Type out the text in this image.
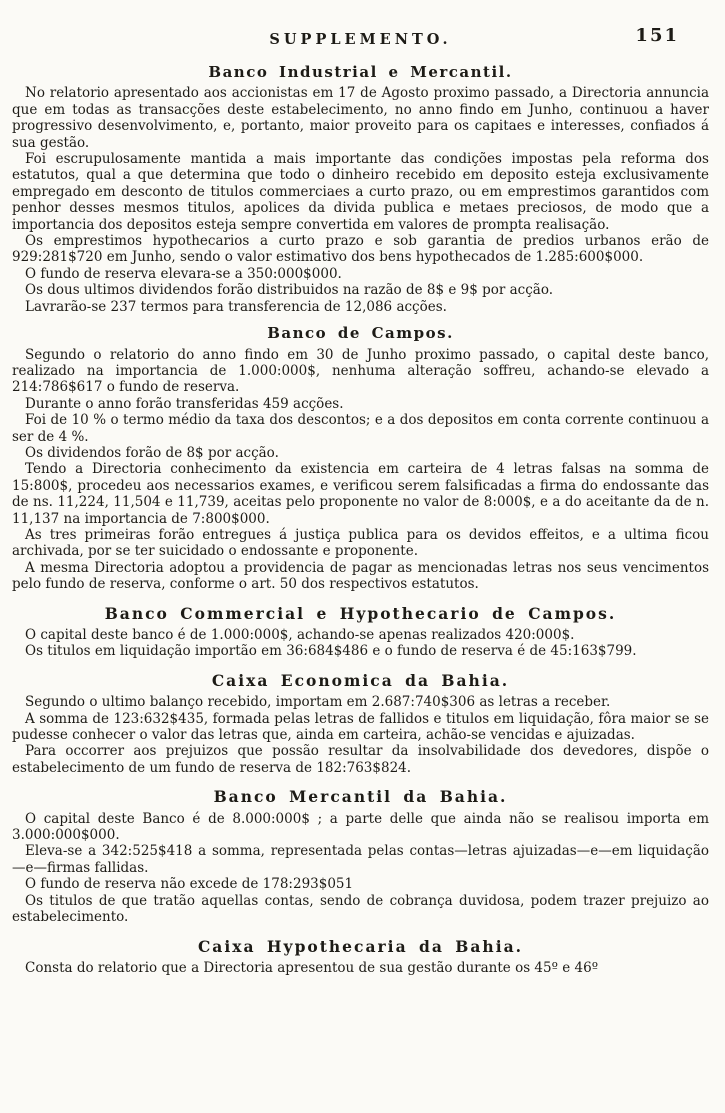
SUPPLEMENTO.	151
Banco Industrial e Mercantil.

No relatorio apresentado aos accionistas em 17 de Agosto proximo passado, a Directoria annuncia que em todas as transacções deste estabelecimento, no anno findo em Junho, continuou a haver progressivo desenvolvimento, e, portanto, maior proveito para os capitaes e interesses, confiados á sua gestão.

Foi escrupulosamente mantida a mais importante das condições impostas pela reforma dos estatutos, qual a que determina que todo o dinheiro recebido em deposito esteja exclusivamente empregado em desconto de titulos commerciaes a curto prazo, ou em emprestimos garantidos com penhor desses mesmos titulos, apolices da divida publica e metaes preciosos, de modo que a importancia dos depositos esteja sempre convertida em valores de prompta realisação.

Os emprestimos hypothecarios a curto prazo e sob garantia de predios urbanos erão de 929:281$720 em Junho, sendo o valor estimativo dos bens hypothecados de 1.285:600$000.

O fundo de reserva elevara-se a 350:000$000.

Os dous ultimos dividendos forão distribuidos na razão de 8$ e 9$ por acção.

Lavrarão-se 237 termos para transferencia de 12,086 acções.

Banco de Campos.

Segundo o relatorio do anno findo em 30 de Junho proximo passado, o capital deste banco, realizado na importancia de 1.000:000$, nenhuma alteração soffreu, achando-se elevado a 214:786$617 o fundo de reserva.

Durante o anno forão transferidas 459 acções.

Foi de 10 % o termo médio da taxa dos descontos; e a dos depositos em conta corrente continuou a ser de 4 %.

Os dividendos forão de 8$ por acção.

Tendo a Directoria conhecimento da existencia em carteira de 4 letras falsas na somma de 15:800$, procedeu aos necessarios exames, e verificou serem falsificadas a firma do endossante das de ns. 11,224, 11,504 e 11,739, aceitas pelo proponente no valor de 8:000$, e a do aceitante da de n. 11,137 na importancia de 7:800$000.

As tres primeiras forão entregues á justiça publica para os devidos effeitos, e a ultima ficou archivada, por se ter suicidado o endossante e proponente.

A mesma Directoria adoptou a providencia de pagar as mencionadas letras nos seus vencimentos pelo fundo de reserva, conforme o art. 50 dos respectivos estatutos.

Banco Commercial e Hypothecario de Campos.

O capital deste banco é de 1.000:000$, achando-se apenas realizados 420:000$.

Os titulos em liquidação importão em 36:684$486 e o fundo de reserva é de 45:163$799.

Caixa Economica da Bahia.

Segundo o ultimo balanço recebido, importam em 2.687:740$306 as letras a receber.

A somma de 123:632$435, formada pelas letras de fallidos e titulos em liquidação, fôra maior se se pudesse conhecer o valor das letras que, ainda em carteira, achão-se vencidas e ajuizadas.

Para occorrer aos prejuizos que possão resultar da insolvabilidade dos devedores, dispõe o estabelecimento de um fundo de reserva de 182:763$824.

Banco Mercantil da Bahia.

O capital deste Banco é de 8.000:000$ ; a parte delle que ainda não se realisou importa em 3.000:000$000.

Eleva-se a 342:525$418 a somma, representada pelas contas—letras ajuizadas—e—em liquidação—e—firmas fallidas.

O fundo de reserva não excede de 178:293$051

Os titulos de que tratão aquellas contas, sendo de cobrança duvidosa, podem trazer prejuizo ao estabelecimento.

Caixa Hypothecaria da Bahia.

Consta do relatorio que a Directoria apresentou de sua gestão durante os 45º e 46º
